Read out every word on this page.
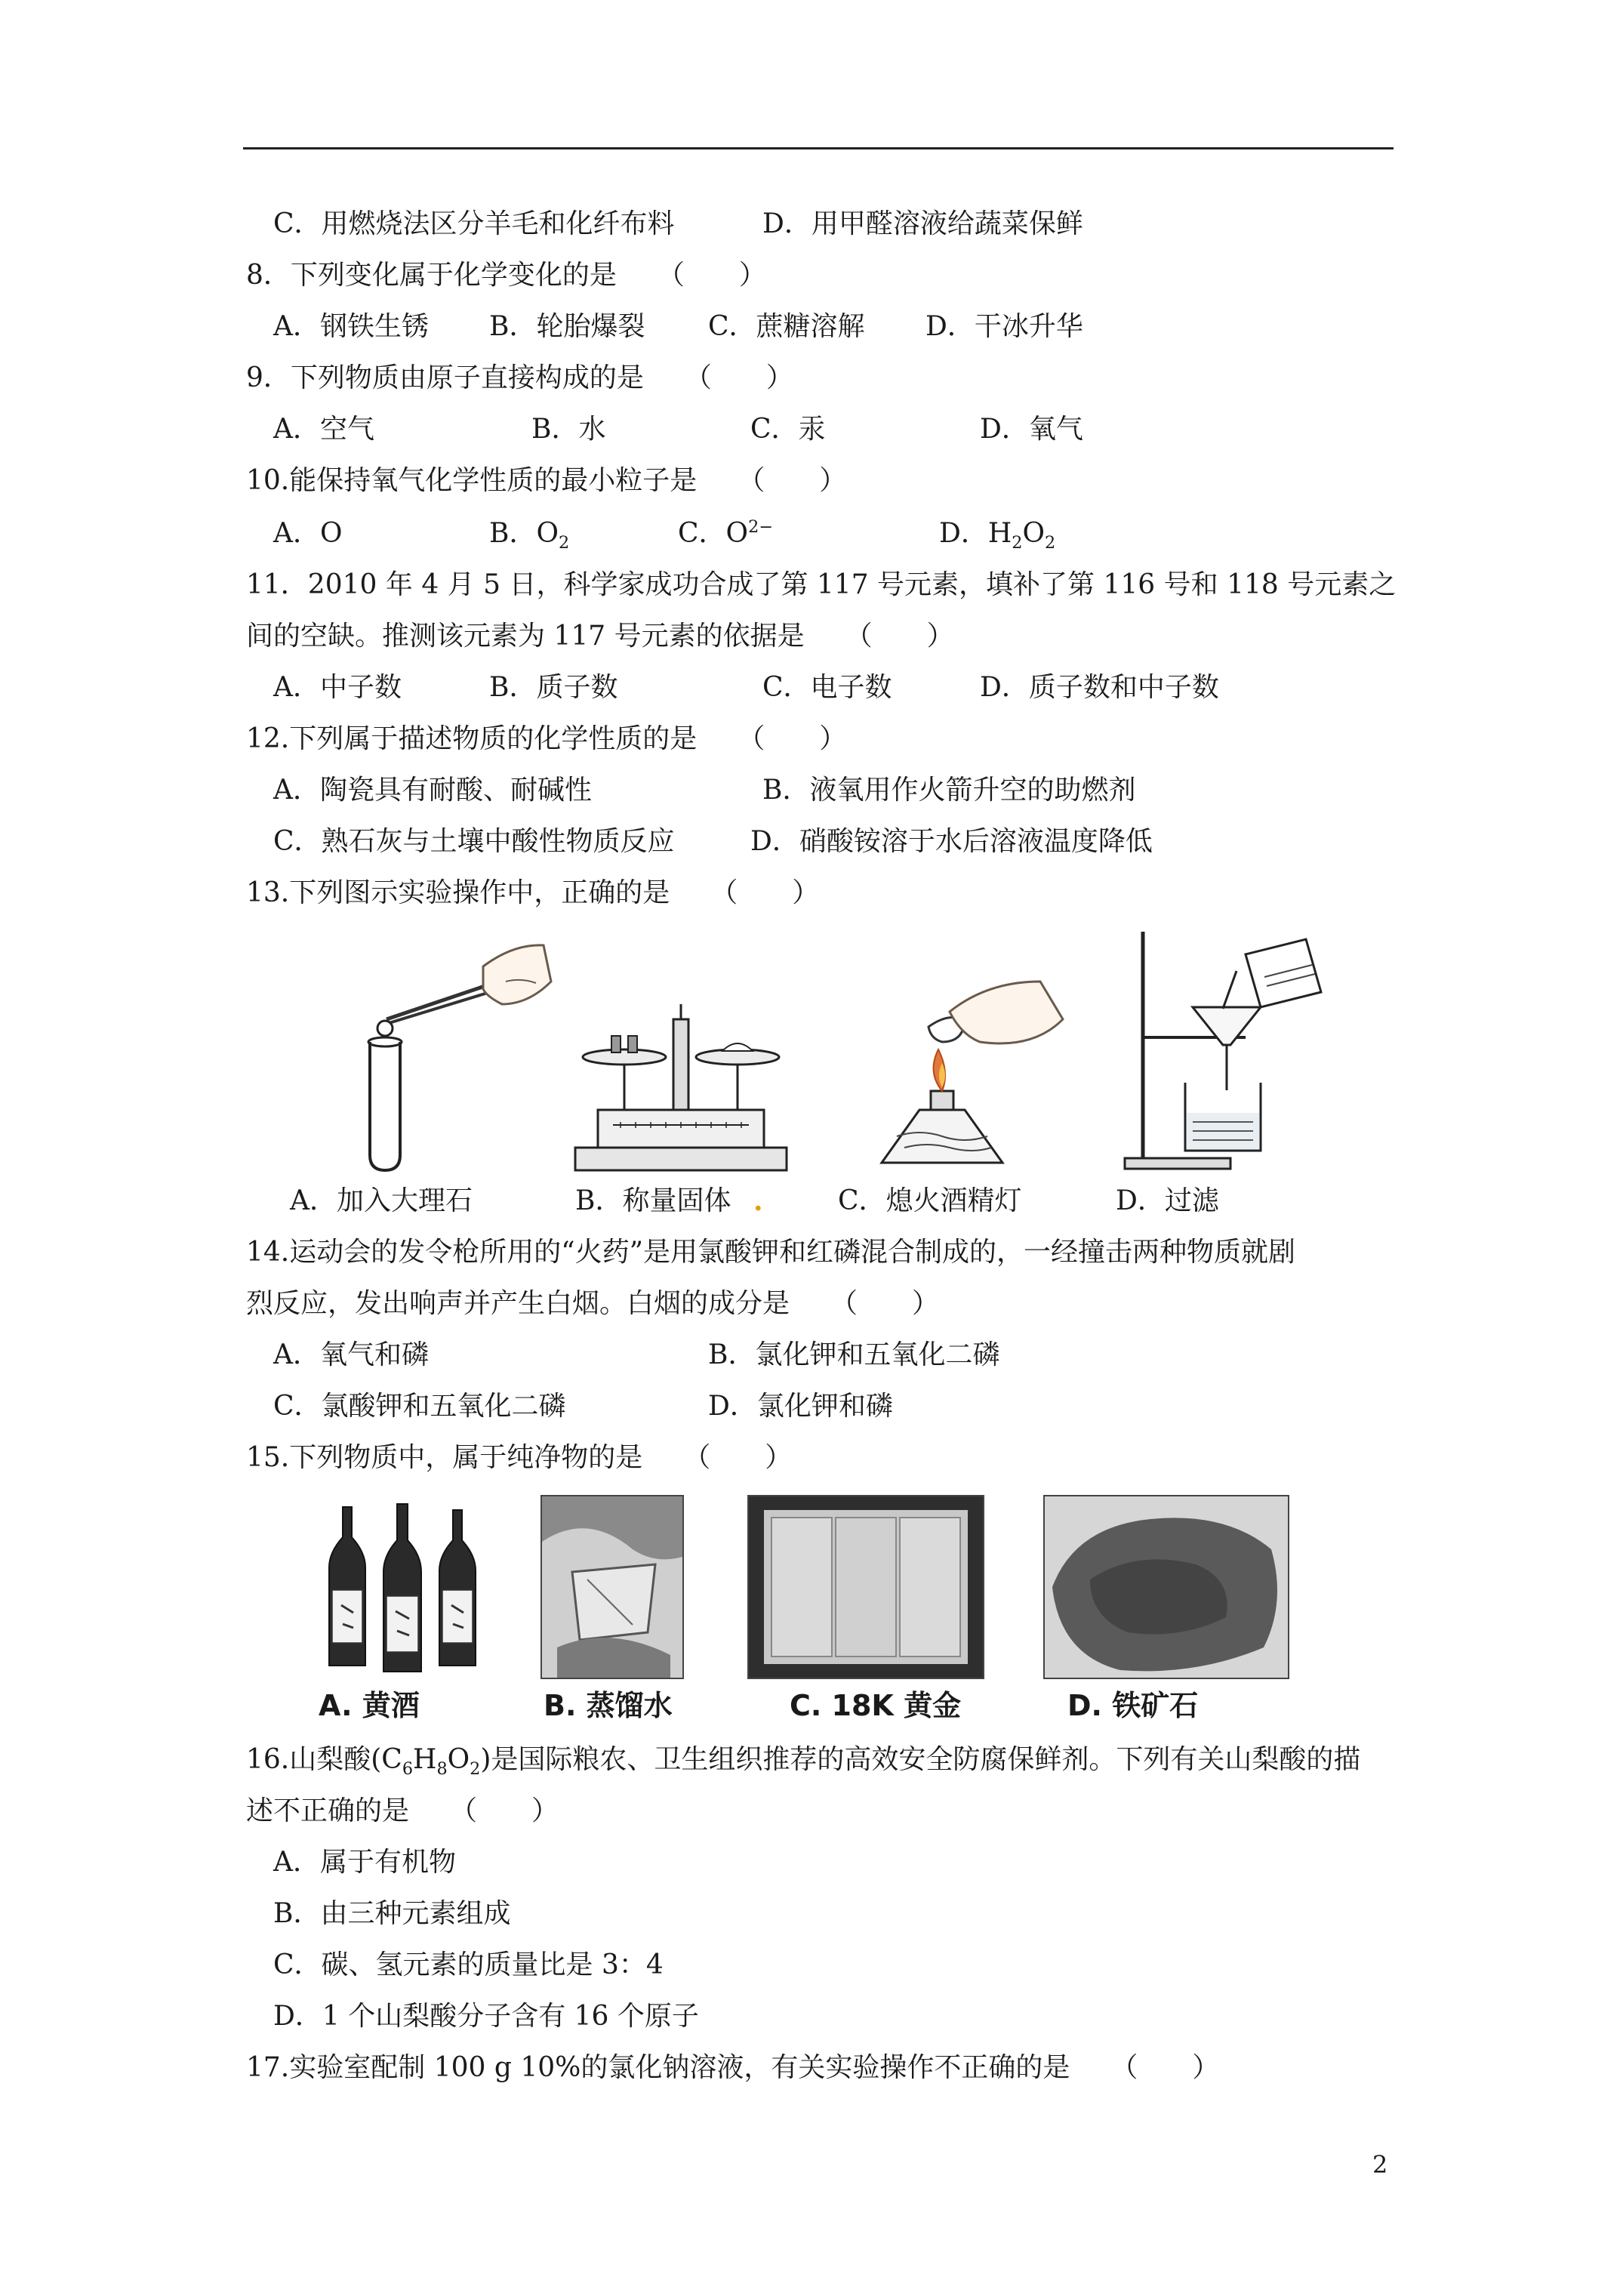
C．用燃烧法区分羊毛和化纤布料	D．用甲醛溶液给蔬菜保鲜
8．下列变化属于化学变化的是　　（　　）
A．钢铁生锈 B．轮胎爆裂 C．蔗糖溶解 D．干冰升华
9．下列物质由原子直接构成的是　　（　　）
A．空气	B．水	C．汞	D．氧气
10.能保持氧气化学性质的最小粒子是　　（　　）
A．O	B．$O_2$	C．$O^{2-}$	D．$H_2O_2$
11．2010 年 4 月 5 日，科学家成功合成了第 117 号元素，填补了第 116 号和 118 号元素之
间的空缺。推测该元素为 117 号元素的依据是　　（　　）
A．中子数	B．质子数	C．电子数	D．质子数和中子数
12.下列属于描述物质的化学性质的是　　（　　）
A．陶瓷具有耐酸、耐碱性	B．液氧用作火箭升空的助燃剂
C．熟石灰与土壤中酸性物质反应	D．硝酸铵溶于水后溶液温度降低
13.下列图示实验操作中，正确的是　　（　　）
A．加入大理石	B．称量固体 .	C．熄火酒精灯	D．过滤
14.运动会的发令枪所用的“火药”是用氯酸钾和红磷混合制成的，一经撞击两种物质就剧
烈反应，发出响声并产生白烟。白烟的成分是　　（　　）
A．氧气和磷	B．氯化钾和五氧化二磷
C．氯酸钾和五氧化二磷	D．氯化钾和磷
15.下列物质中，属于纯净物的是　　（　　）
A. 黄酒	B. 蒸馏水	C. 18K 黄金	D. 铁矿石
16.山梨酸$(C_6H_8O_2)$是国际粮农、卫生组织推荐的高效安全防腐保鲜剂。下列有关山梨酸的描
述不正确的是　　（　　）
A．属于有机物
B．由三种元素组成
C．碳、氢元素的质量比是 3：4
D．1 个山梨酸分子含有 16 个原子
17.实验室配制 100 g 10%的氯化钠溶液，有关实验操作不正确的是　　（　　）
2
